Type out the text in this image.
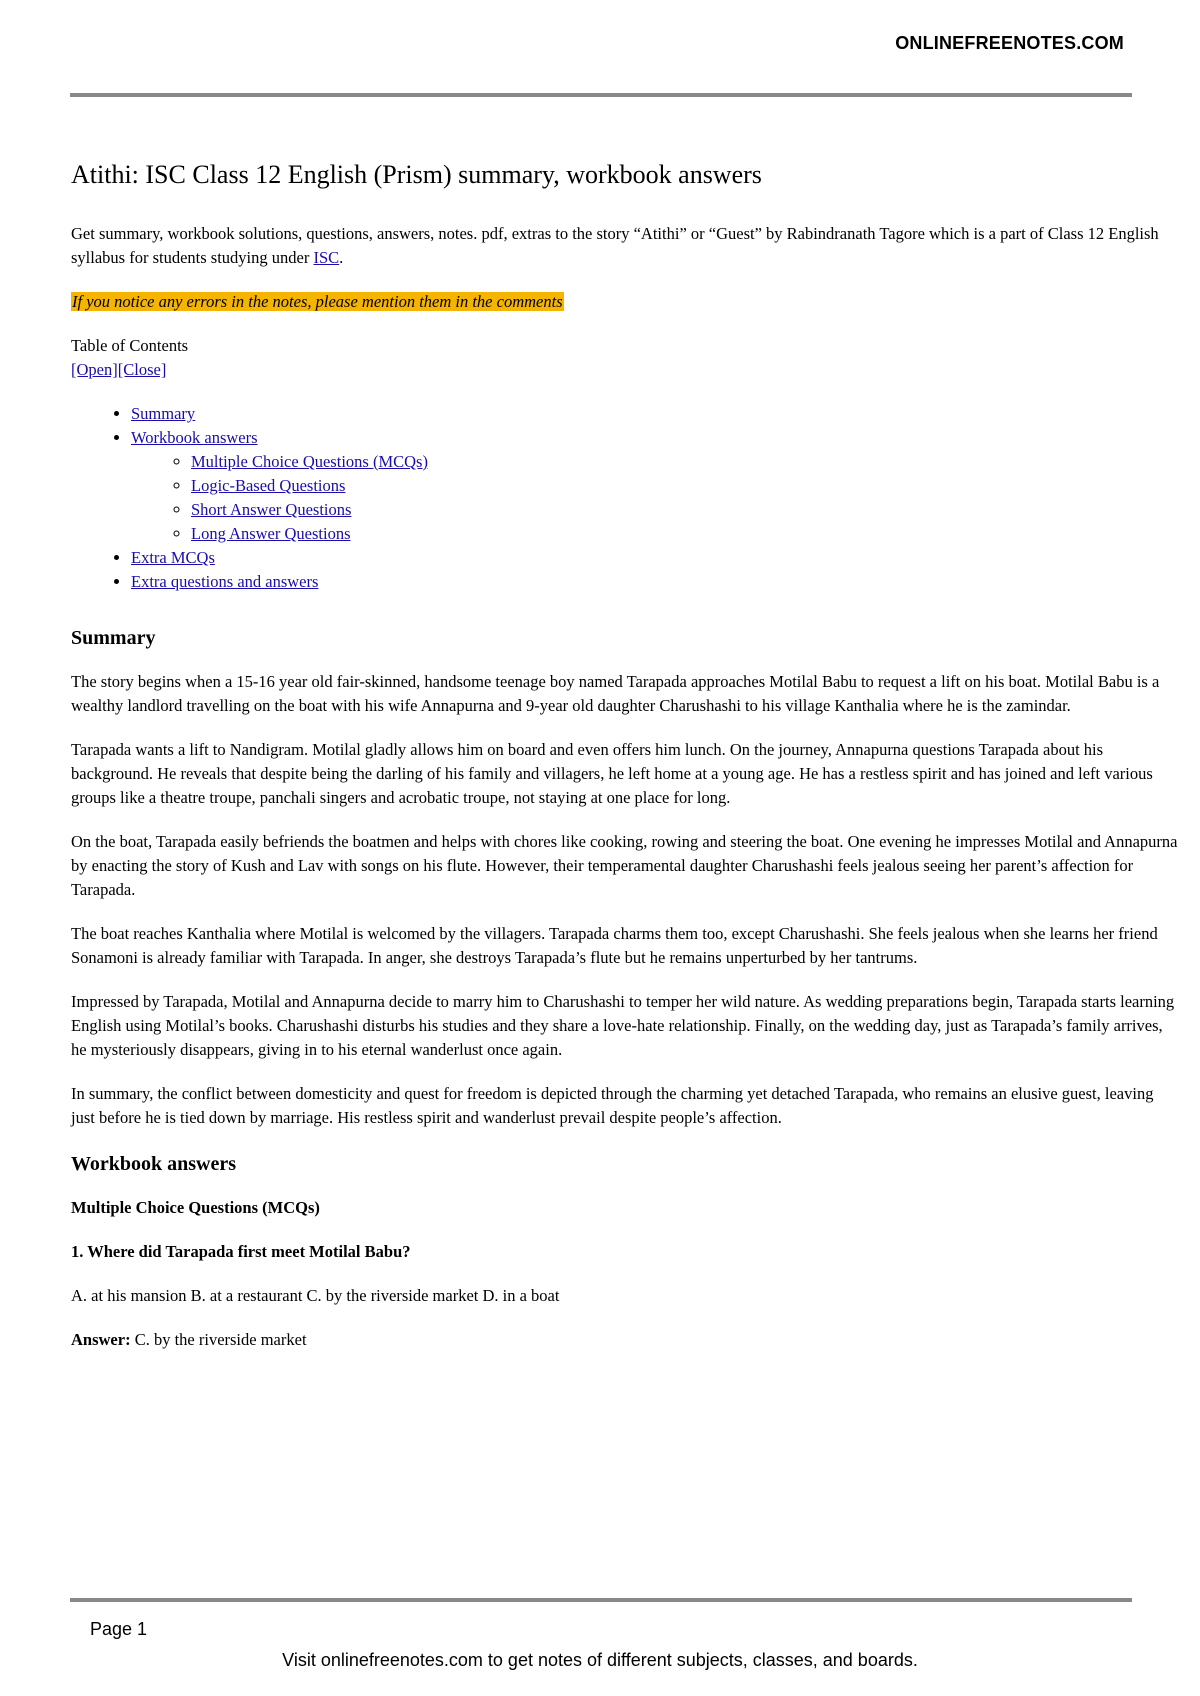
ONLINEFREENOTES.COM
Atithi: ISC Class 12 English (Prism) summary, workbook answers

Get summary, workbook solutions, questions, answers, notes. pdf, extras to the story “Atithi” or “Guest” by Rabindranath Tagore which is a part of Class 12 English syllabus for students studying under ISC.

If you notice any errors in the notes, please mention them in the comments

Table of Contents
[Open][Close]
• Summary
• Workbook answers
◦ Multiple Choice Questions (MCQs)
◦ Logic-Based Questions
◦ Short Answer Questions
◦ Long Answer Questions
• Extra MCQs
• Extra questions and answers
Summary

The story begins when a 15-16 year old fair-skinned, handsome teenage boy named Tarapada approaches Motilal Babu to request a lift on his boat. Motilal Babu is a wealthy landlord travelling on the boat with his wife Annapurna and 9-year old daughter Charushashi to his village Kanthalia where he is the zamindar.

Tarapada wants a lift to Nandigram. Motilal gladly allows him on board and even offers him lunch. On the journey, Annapurna questions Tarapada about his background. He reveals that despite being the darling of his family and villagers, he left home at a young age. He has a restless spirit and has joined and left various groups like a theatre troupe, panchali singers and acrobatic troupe, not staying at one place for long.

On the boat, Tarapada easily befriends the boatmen and helps with chores like cooking, rowing and steering the boat. One evening he impresses Motilal and Annapurna by enacting the story of Kush and Lav with songs on his flute. However, their temperamental daughter Charushashi feels jealous seeing her parent’s affection for Tarapada.

The boat reaches Kanthalia where Motilal is welcomed by the villagers. Tarapada charms them too, except Charushashi. She feels jealous when she learns her friend Sonamoni is already familiar with Tarapada. In anger, she destroys Tarapada’s flute but he remains unperturbed by her tantrums.

Impressed by Tarapada, Motilal and Annapurna decide to marry him to Charushashi to temper her wild nature. As wedding preparations begin, Tarapada starts learning English using Motilal’s books. Charushashi disturbs his studies and they share a love-hate relationship. Finally, on the wedding day, just as Tarapada’s family arrives, he mysteriously disappears, giving in to his eternal wanderlust once again.

In summary, the conflict between domesticity and quest for freedom is depicted through the charming yet detached Tarapada, who remains an elusive guest, leaving just before he is tied down by marriage. His restless spirit and wanderlust prevail despite people’s affection.

Workbook answers
Multiple Choice Questions (MCQs)
1. Where did Tarapada first meet Motilal Babu?

A. at his mansion B. at a restaurant C. by the riverside market D. in a boat

Answer: C. by the riverside market

Page 1
Visit onlinefreenotes.com to get notes of different subjects, classes, and boards.
